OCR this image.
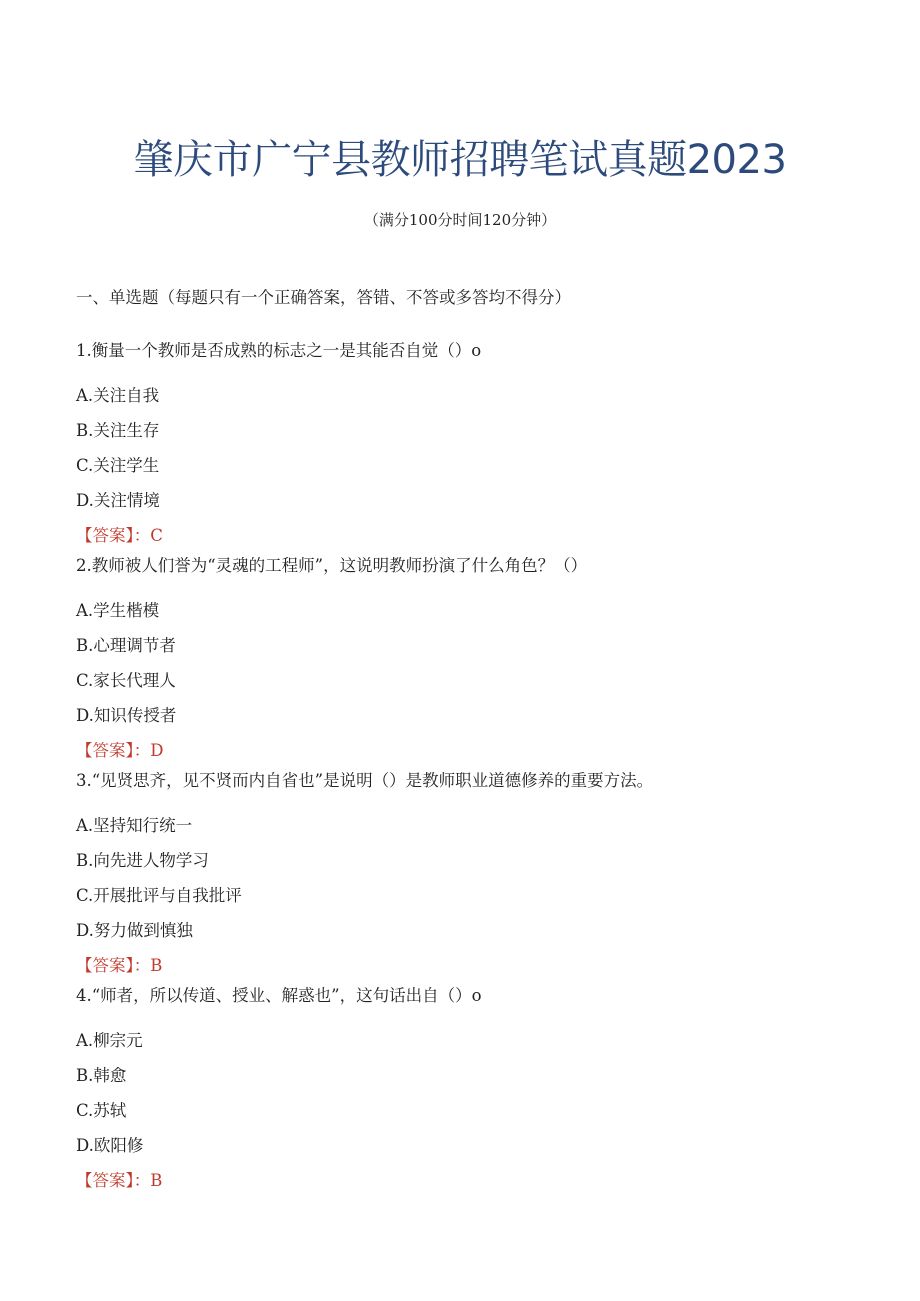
肇庆市广宁县教师招聘笔试真题2023
（满分100分时间120分钟）
一、单选题（每题只有一个正确答案，答错、不答或多答均不得分）

1.衡量一个教师是否成熟的标志之一是其能否自觉（）o

A.关注自我
B.关注生存
C.关注学生
D.关注情境
【答案】：C

2.教师被人们誉为“灵魂的工程师”，这说明教师扮演了什么角色？（）

A.学生楷模
B.心理调节者
C.家长代理人
D.知识传授者
【答案】：D

3.“见贤思齐，见不贤而内自省也”是说明（）是教师职业道德修养的重要方法。

A.坚持知行统一
B.向先进人物学习
C.开展批评与自我批评
D.努力做到慎独
【答案】：B

4.“师者，所以传道、授业、解惑也”，这句话出自（）o

A.柳宗元
B.韩愈
C.苏轼
D.欧阳修
【答案】：B
